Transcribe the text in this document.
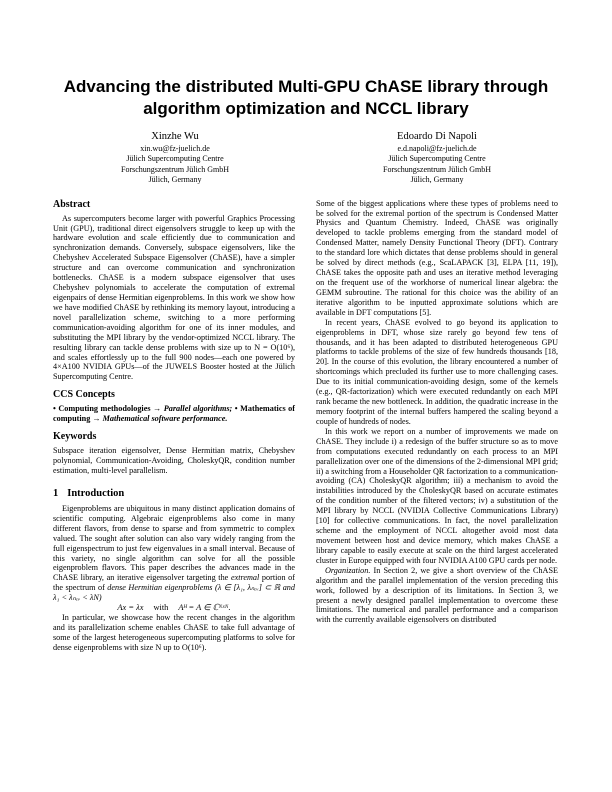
Advancing the distributed Multi-GPU ChASE library through algorithm optimization and NCCL library
Xinzhe Wu
xin.wu@fz-juelich.de
Jülich Supercomputing Centre
Forschungszentrum Jülich GmbH
Jülich, Germany
Edoardo Di Napoli
e.d.napoli@fz-juelich.de
Jülich Supercomputing Centre
Forschungszentrum Jülich GmbH
Jülich, Germany
Abstract

As supercomputers become larger with powerful Graphics Processing Unit (GPU), traditional direct eigensolvers struggle to keep up with the hardware evolution and scale efficiently due to communication and synchronization demands. Conversely, subspace eigensolvers, like the Chebyshev Accelerated Subspace Eigensolver (ChASE), have a simpler structure and can overcome communication and synchronization bottlenecks. ChASE is a modern subspace eigensolver that uses Chebyshev polynomials to accelerate the computation of extremal eigenpairs of dense Hermitian eigenproblems. In this work we show how we have modified ChASE by rethinking its memory layout, introducing a novel parallelization scheme, switching to a more performing communication-avoiding algorithm for one of its inner modules, and substituting the MPI library by the vendor-optimized NCCL library. The resulting library can tackle dense problems with size up to N = O(10⁶), and scales effortlessly up to the full 900 nodes—each one powered by 4×A100 NVIDIA GPUs—of the JUWELS Booster hosted at the Jülich Supercomputing Centre.

CCS Concepts

• Computing methodologies → Parallel algorithms; • Mathematics of computing → Mathematical software performance.

Keywords

Subspace iteration eigensolver, Dense Hermitian matrix, Chebyshev polynomial, Communication-Avoiding, CholeskyQR, condition number estimation, multi-level parallelism.

1 Introduction

Eigenproblems are ubiquitous in many distinct application domains of scientific computing. Algebraic eigenproblems also come in many different flavors, from dense to sparse and from symmetric to complex valued. The sought after solution can also vary widely ranging from the full eigenspectrum to just few eigenvalues in a small interval. Because of this variety, no single algorithm can solve for all the possible eigenproblem flavors. This paper describes the advances made in the ChASE library, an iterative eigensolver targeting the extremal portion of the spectrum of dense Hermitian eigenproblems (λ ∈ [λ₁, λₙₑᵥ] ⊂ ℝ and λ₁ < λₙₑᵥ < λN)

Ax = λx with Aᴴ = A ∈ ℂᴺˣᴺ.

In particular, we showcase how the recent changes in the algorithm and its parallelization scheme enables ChASE to take full advantage of some of the largest heterogeneous supercomputing platforms to solve for dense eigenproblems with size N up to O(10⁶).

Some of the biggest applications where these types of problems need to be solved for the extremal portion of the spectrum is Condensed Matter Physics and Quantum Chemistry. Indeed, ChASE was originally developed to tackle problems emerging from the standard model of Condensed Matter, namely Density Functional Theory (DFT). Contrary to the standard lore which dictates that dense problems should in general be solved by direct methods (e.g., ScaLAPACK [3], ELPA [11, 19]), ChASE takes the opposite path and uses an iterative method leveraging on the frequent use of the workhorse of numerical linear algebra: the GEMM subroutine. The rational for this choice was the ability of an iterative algorithm to be inputted approximate solutions which are available in DFT computations [5].

In recent years, ChASE evolved to go beyond its application to eigenproblems in DFT, whose size rarely go beyond few tens of thousands, and it has been adapted to distributed heterogeneous GPU platforms to tackle problems of the size of few hundreds thousands [18, 20]. In the course of this evolution, the library encountered a number of shortcomings which precluded its further use to more challenging cases. Due to its initial communication-avoiding design, some of the kernels (e.g., QR-factorization) which were executed redundantly on each MPI rank became the new bottleneck. In addition, the quadratic increase in the memory footprint of the internal buffers hampered the scaling beyond a couple of hundreds of nodes.

In this work we report on a number of improvements we made on ChASE. They include i) a redesign of the buffer structure so as to move from computations executed redundantly on each process to an MPI parallelization over one of the dimensions of the 2-dimensional MPI grid; ii) a switching from a Householder QR factorization to a communication-avoiding (CA) CholeskyQR algorithm; iii) a mechanism to avoid the instabilities introduced by the CholeskyQR based on accurate estimates of the condition number of the filtered vectors; iv) a substitution of the MPI library by NCCL (NVIDIA Collective Communications Library) [10] for collective communications. In fact, the novel parallelization scheme and the employment of NCCL altogether avoid most data movement between host and device memory, which makes ChASE a library capable to easily execute at scale on the third largest accelerated cluster in Europe equipped with four NVIDIA A100 GPU cards per node.

Organization. In Section 2, we give a short overview of the ChASE algorithm and the parallel implementation of the version preceding this work, followed by a description of its limitations. In Section 3, we present a newly designed parallel implementation to overcome these limitations. The numerical and parallel performance and a comparison with the currently available eigensolvers on distributed
